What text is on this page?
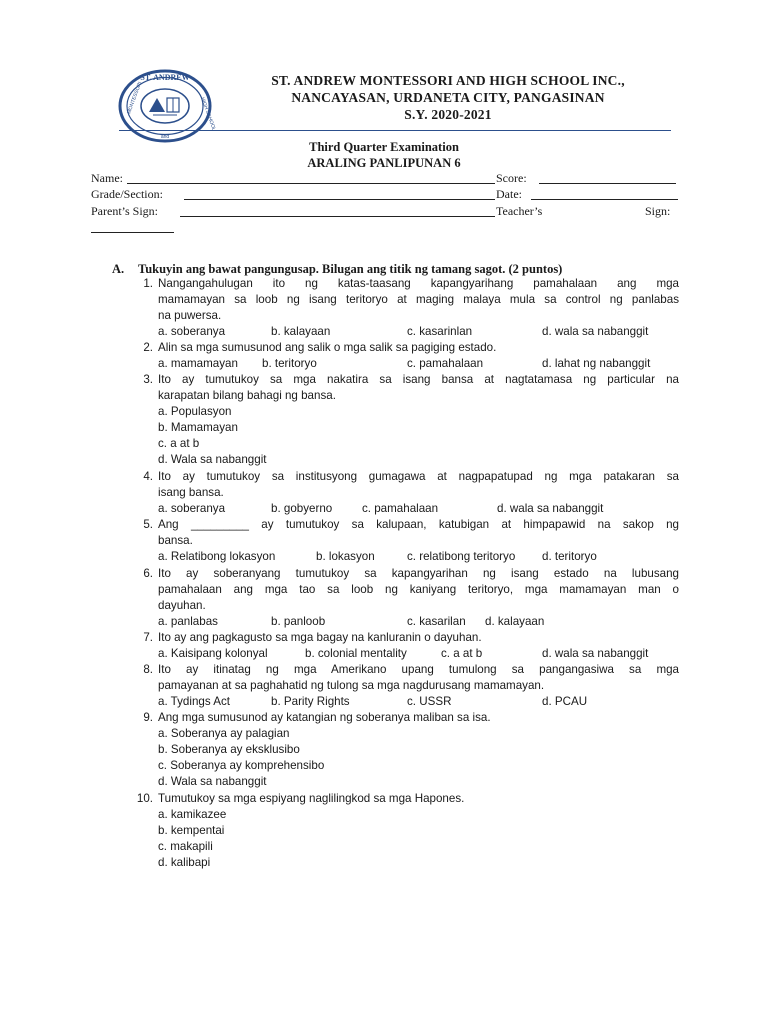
ST. ANDREW
MONTESSORI	HIGH SCHOOL
and
ST. ANDREW MONTESSORI AND HIGH SCHOOL INC.,
NANCAYASAN, URDANETA CITY, PANGASINAN
S.Y. 2020-2021
Third Quarter Examination
ARALING PANLIPUNAN 6
Name:	Score:
Grade/Section:	Date:
Parent’s Sign:	Teacher’s	Sign:
A. Tukuyin ang bawat pangungusap. Bilugan ang titik ng tamang sagot. (2 puntos)
1. Nangangahulugan ito ng katas-taasang kapangyarihang pamahalaan ang mga
mamamayan sa loob ng isang teritoryo at maging malaya mula sa control ng panlabas
na puwersa.
a. soberanya	b. kalayaan	c. kasarinlan	d. wala sa nabanggit
2. Alin sa mga sumusunod ang salik o mga salik sa pagiging estado.
a. mamamayan b. teritoryo	c. pamahalaan	d. lahat ng nabanggit
3. Ito ay tumutukoy sa mga nakatira sa isang bansa at nagtatamasa ng particular na
karapatan bilang bahagi ng bansa.
a. Populasyon
b. Mamamayan
c. a at b
d. Wala sa nabanggit
4. Ito ay tumutukoy sa institusyong gumagawa at nagpapatupad ng mga patakaran sa
isang bansa.
a. soberanya	b. gobyerno	c. pamahalaan	d. wala sa nabanggit
5. Ang _________ ay tumutukoy sa kalupaan, katubigan at himpapawid na sakop ng
bansa.
a. Relatibong lokasyon	b. lokasyon	c. relatibong teritoryo d. teritoryo
6. Ito ay soberanyang tumutukoy sa kapangyarihan ng isang estado na lubusang
pamahalaan ang mga tao sa loob ng kaniyang teritoryo, mga mamamayan man o
dayuhan.
a. panlabas	b. panloob	c. kasarilan d. kalayaan
7. Ito ay ang pagkagusto sa mga bagay na kanluranin o dayuhan.
a. Kaisipang kolonyal	b. colonial mentality	c. a at b	d. wala sa nabanggit
8. Ito ay itinatag ng mga Amerikano upang tumulong sa pangangasiwa sa mga
pamayanan at sa paghahatid ng tulong sa mga nagdurusang mamamayan.
a. Tydings Act	b. Parity Rights	c. USSR	d. PCAU
9. Ang mga sumusunod ay katangian ng soberanya maliban sa isa.
a. Soberanya ay palagian
b. Soberanya ay eksklusibo
c. Soberanya ay komprehensibo
d. Wala sa nabanggit
10. Tumutukoy sa mga espiyang naglilingkod sa mga Hapones.
a. kamikazee
b. kempentai
c. makapili
d. kalibapi
